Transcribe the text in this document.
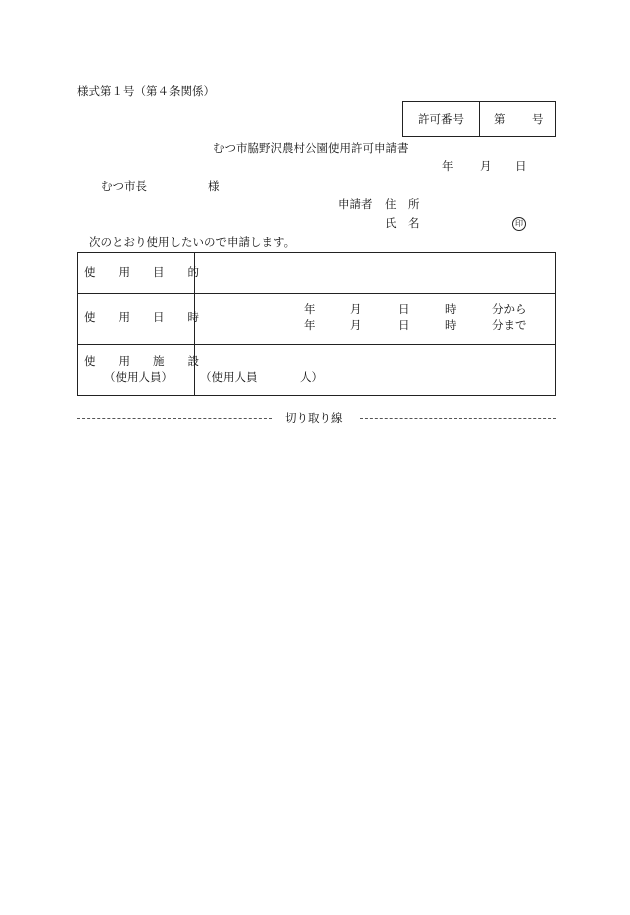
様式第１号（第４条関係）
許可番号	第 号
むつ市脇野沢農村公園使用許可申請書
年 月 日
むつ市長	様
申請者 住　所
氏　名	印
次のとおり使用したいので申請します。
使　　用　　目　　的
使　　用　　日　　時
年	月	日	時	分から
年	月	日	時	分まで
使　　用　　施　　設
（使用人員） （使用人員	人）
切り取り線
